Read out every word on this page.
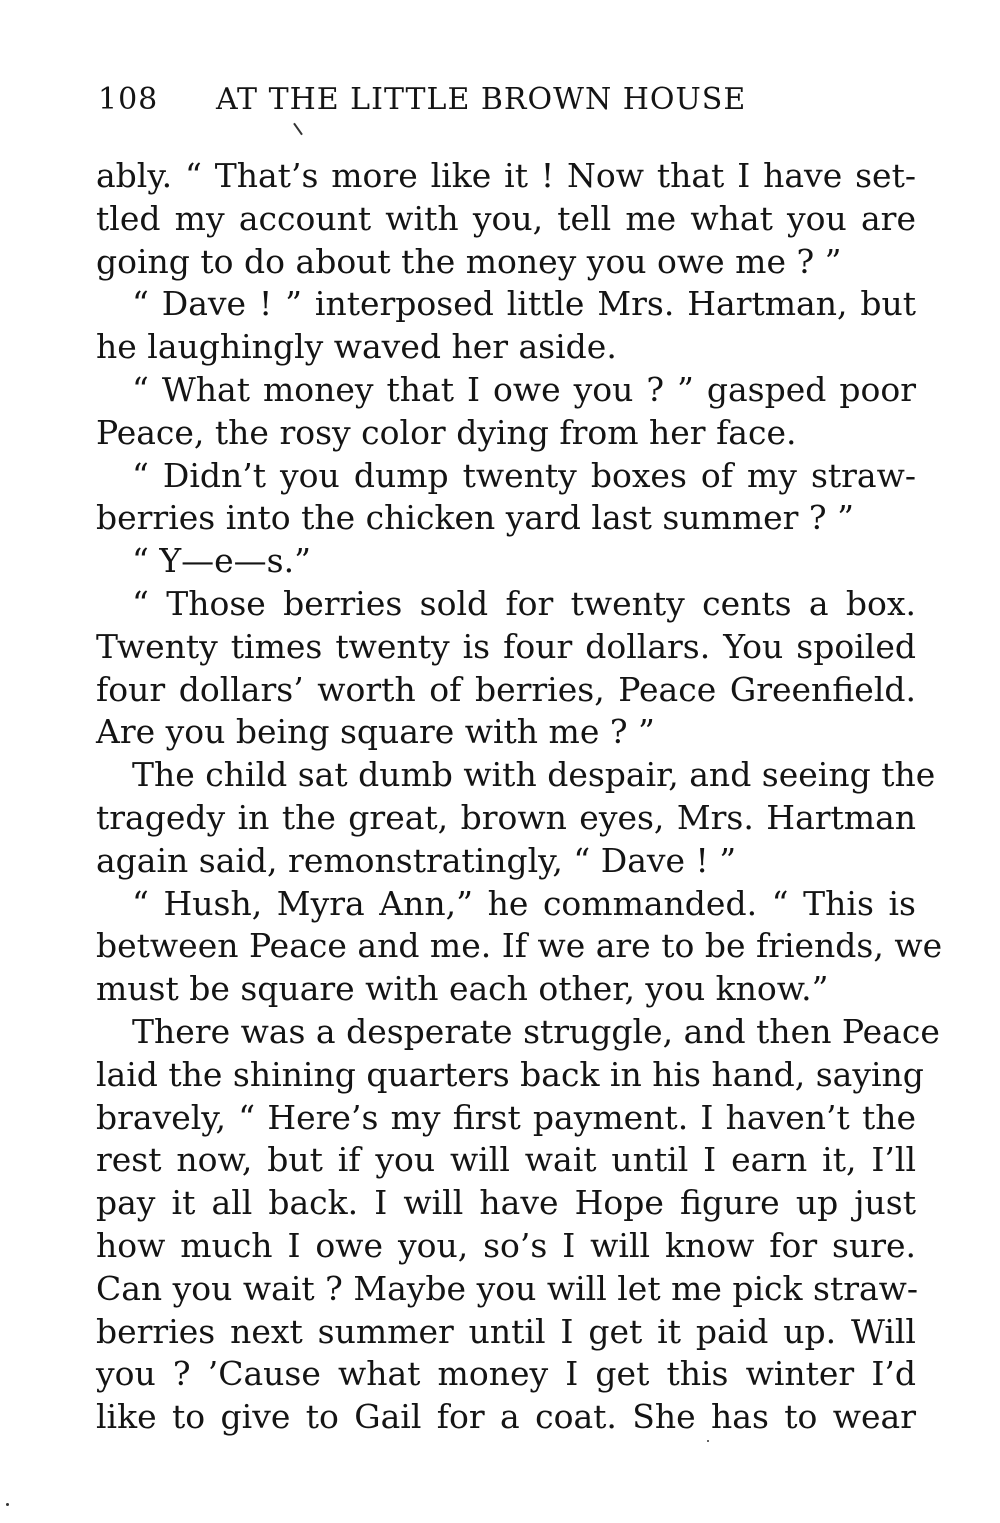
108 AT THE LITTLE BROWN HOUSE
ably. “ That’s more like it ! Now that I have set-
tled my account with you, tell me what you are
going to do about the money you owe me ? ”
“ Dave ! ” interposed little Mrs. Hartman, but
he laughingly waved her aside.
“ What money that I owe you ? ” gasped poor
Peace, the rosy color dying from her face.
“ Didn’t you dump twenty boxes of my straw-
berries into the chicken yard last summer ? ”
“ Y—e—s.”
“ Those berries sold for twenty cents a box.
Twenty times twenty is four dollars. You spoiled
four dollars’ worth of berries, Peace Greenfield.
Are you being square with me ? ”
The child sat dumb with despair, and seeing the
tragedy in the great, brown eyes, Mrs. Hartman
again said, remonstratingly, “ Dave ! ”
“ Hush, Myra Ann,” he commanded. “ This is
between Peace and me. If we are to be friends, we
must be square with each other, you know.”
There was a desperate struggle, and then Peace
laid the shining quarters back in his hand, saying
bravely, “ Here’s my first payment. I haven’t the
rest now, but if you will wait until I earn it, I’ll
pay it all back. I will have Hope figure up just
how much I owe you, so’s I will know for sure.
Can you wait ? Maybe you will let me pick straw-
berries next summer until I get it paid up. Will
you ? ’Cause what money I get this winter I’d
like to give to Gail for a coat. She has to wear
